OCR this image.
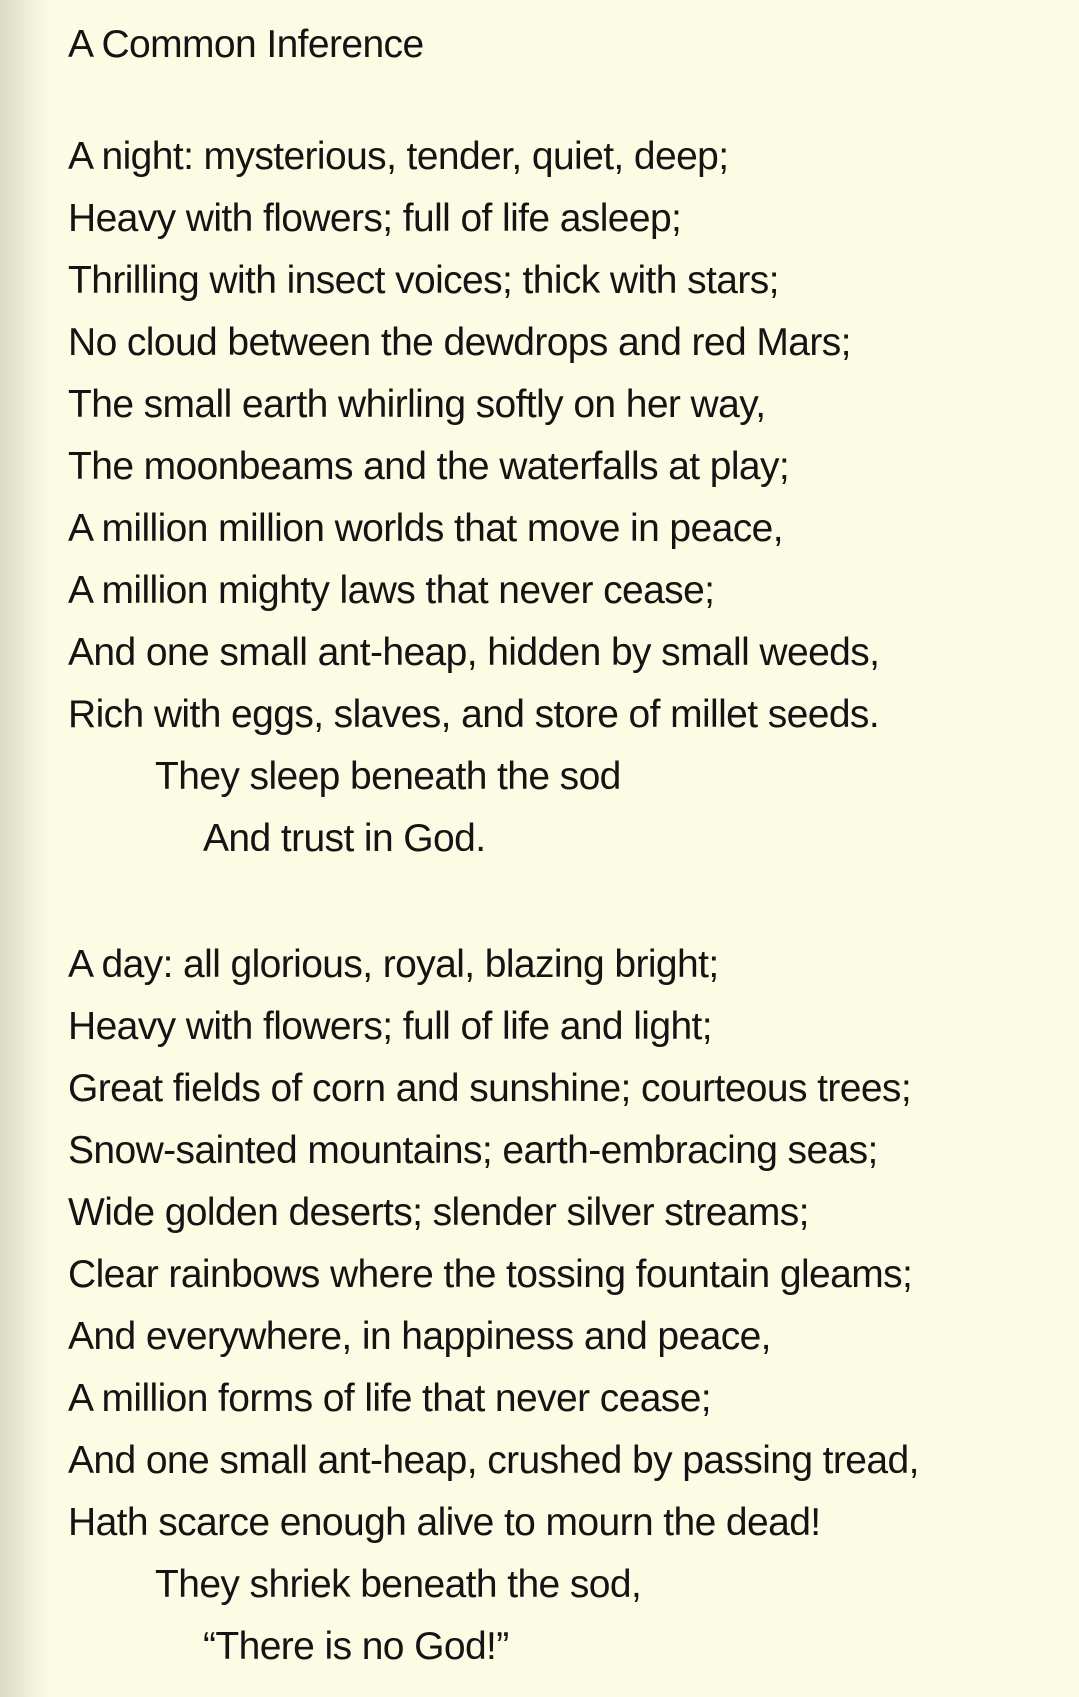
A Common Inference
A night: mysterious, tender, quiet, deep;
Heavy with flowers; full of life asleep;
Thrilling with insect voices; thick with stars;
No cloud between the dewdrops and red Mars;
The small earth whirling softly on her way,
The moonbeams and the waterfalls at play;
A million million worlds that move in peace,
A million mighty laws that never cease;
And one small ant-heap, hidden by small weeds,
Rich with eggs, slaves, and store of millet seeds.
They sleep beneath the sod
And trust in God.
A day: all glorious, royal, blazing bright;
Heavy with flowers; full of life and light;
Great fields of corn and sunshine; courteous trees;
Snow-sainted mountains; earth-embracing seas;
Wide golden deserts; slender silver streams;
Clear rainbows where the tossing fountain gleams;
And everywhere, in happiness and peace,
A million forms of life that never cease;
And one small ant-heap, crushed by passing tread,
Hath scarce enough alive to mourn the dead!
They shriek beneath the sod,
“There is no God!”
